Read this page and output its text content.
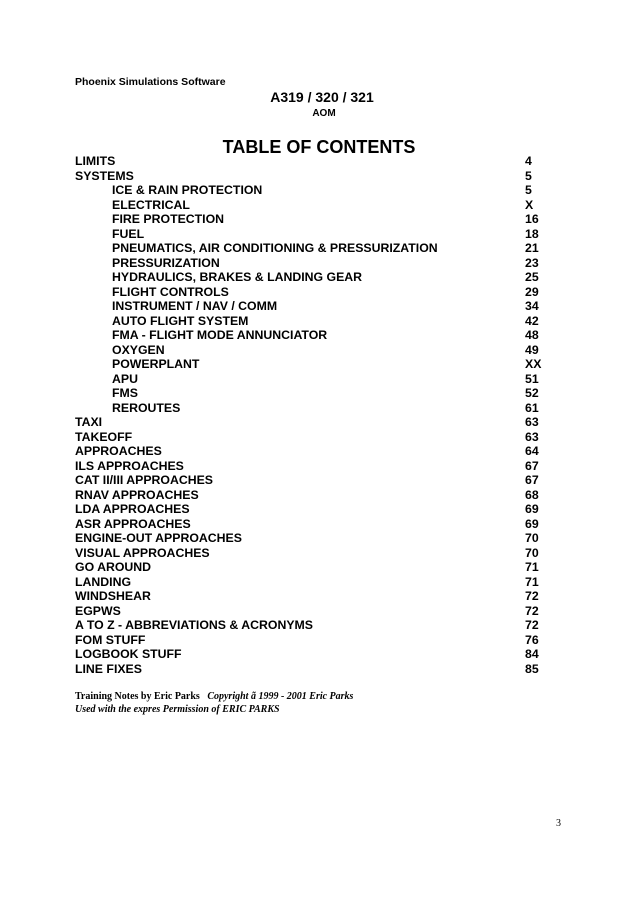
Phoenix Simulations Software
A319 / 320 / 321
AOM
TABLE OF CONTENTS
LIMITS	4
SYSTEMS	5
ICE & RAIN PROTECTION	5
ELECTRICAL	X
FIRE PROTECTION	16
FUEL	18
PNEUMATICS, AIR CONDITIONING & PRESSURIZATION	21
PRESSURIZATION	23
HYDRAULICS, BRAKES & LANDING GEAR	25
FLIGHT CONTROLS	29
INSTRUMENT / NAV / COMM	34
AUTO FLIGHT SYSTEM	42
FMA - FLIGHT MODE ANNUNCIATOR	48
OXYGEN	49
POWERPLANT	XX
APU	51
FMS	52
REROUTES	61
TAXI	63
TAKEOFF	63
APPROACHES	64
ILS APPROACHES	67
CAT II/III APPROACHES	67
RNAV APPROACHES	68
LDA APPROACHES	69
ASR APPROACHES	69
ENGINE-OUT APPROACHES	70
VISUAL APPROACHES	70
GO AROUND	71
LANDING	71
WINDSHEAR	72
EGPWS	72
A TO Z - ABBREVIATIONS & ACRONYMS	72
FOM STUFF	76
LOGBOOK STUFF	84
LINE FIXES	85
Training Notes by Eric Parks Copyright ã 1999 - 2001 Eric Parks
Used with the expres Permission of ERIC PARKS
3
